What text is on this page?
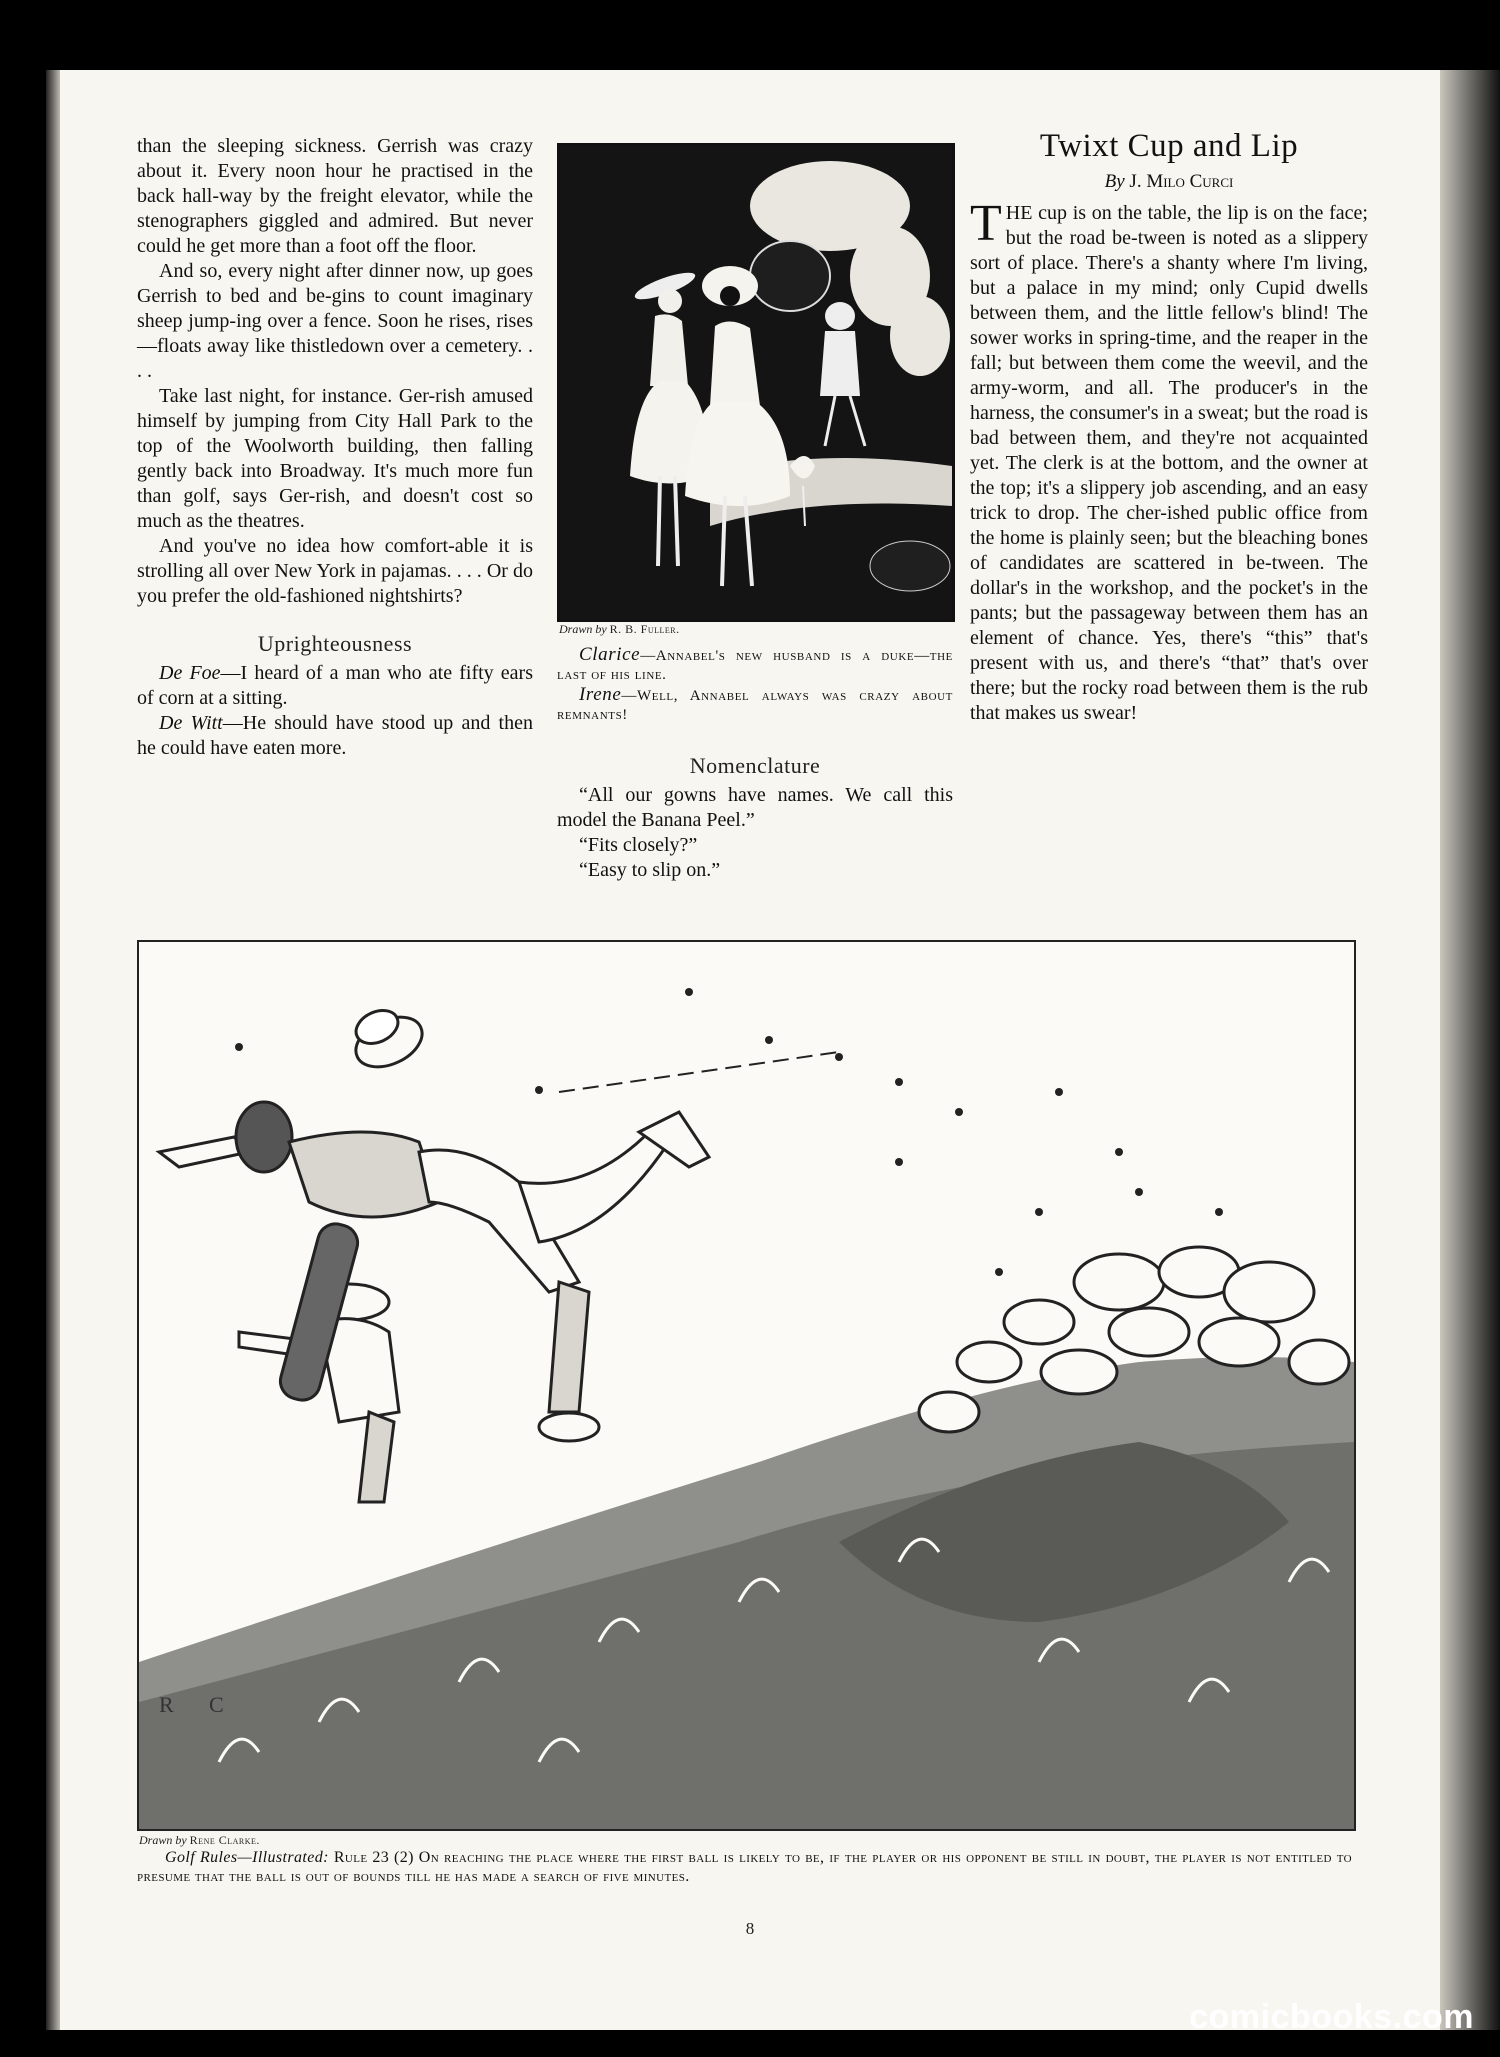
than the sleeping sickness. Gerrish was crazy about it. Every noon hour he practised in the back hall-way by the freight elevator, while the stenographers giggled and admired. But never could he get more than a foot off the floor.

And so, every night after dinner now, up goes Gerrish to bed and be-gins to count imaginary sheep jump-ing over a fence. Soon he rises, rises—floats away like thistledown over a cemetery. . . .

Take last night, for instance. Ger-rish amused himself by jumping from City Hall Park to the top of the Woolworth building, then falling gently back into Broadway. It's much more fun than golf, says Ger-rish, and doesn't cost so much as the theatres.

And you've no idea how comfort-able it is strolling all over New York in pajamas. . . . Or do you prefer the old-fashioned nightshirts?

Uprighteousness

De Foe—I heard of a man who ate fifty ears of corn at a sitting.

De Witt—He should have stood up and then he could have eaten more.

Drawn by R. B. Fuller.
Clarice—Annabel's new husband is a duke—the last of his line.
Irene—Well, Annabel always was crazy about remnants!
Nomenclature

“All our gowns have names. We call this model the Banana Peel.”

“Fits closely?”

“Easy to slip on.”

Twixt Cup and Lip
By J. Milo Curci

THE cup is on the table, the lip is on the face; but the road be-tween is noted as a slippery sort of place. There's a shanty where I'm living, but a palace in my mind; only Cupid dwells between them, and the little fellow's blind! The sower works in spring-time, and the reaper in the fall; but between them come the weevil, and the army-worm, and all. The producer's in the harness, the consumer's in a sweat; but the road is bad between them, and they're not acquainted yet. The clerk is at the bottom, and the owner at the top; it's a slippery job ascending, and an easy trick to drop. The cher-ished public office from the home is plainly seen; but the bleaching bones of candidates are scattered in be-tween. The dollar's in the workshop, and the pocket's in the pants; but the passageway between them has an element of chance. Yes, there's “this” that's present with us, and there's “that” that's over there; but the rocky road between them is the rub that makes us swear!

R C
Drawn by Rene Clarke.
Golf Rules—Illustrated: Rule 23 (2) On reaching the place where the first ball is likely to be, if the player or his opponent be still in doubt, the player is not entitled to presume that the ball is out of bounds till he has made a search of five minutes.
8
comicbooks.com
